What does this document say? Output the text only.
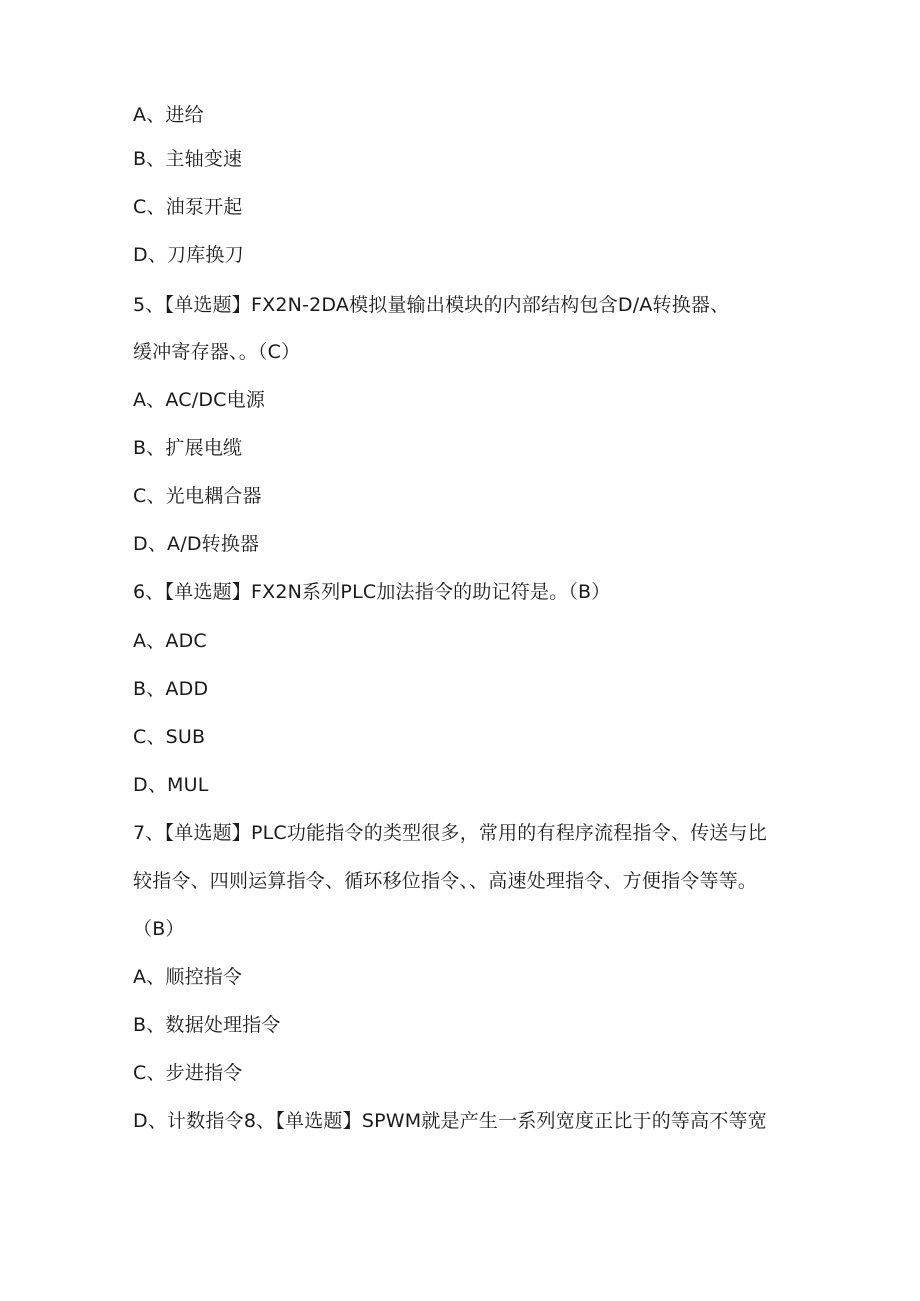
A、进给
B、主轴变速
C、油泵开起
D、刀库换刀
5、【单选题】FX2N-2DA模拟量输出模块的内部结构包含D/A转换器、
缓冲寄存器、。（C）
A、AC/DC电源
B、扩展电缆
C、光电耦合器
D、A/D转换器
6、【单选题】FX2N系列PLC加法指令的助记符是。（B）
A、ADC
B、ADD
C、SUB
D、MUL
7、【单选题】PLC功能指令的类型很多，常用的有程序流程指令、传送与比
较指令、四则运算指令、循环移位指令、、高速处理指令、方便指令等等。
（B）
A、顺控指令
B、数据处理指令
C、步进指令
D、计数指令8、【单选题】SPWM就是产生一系列宽度正比于的等高不等宽
